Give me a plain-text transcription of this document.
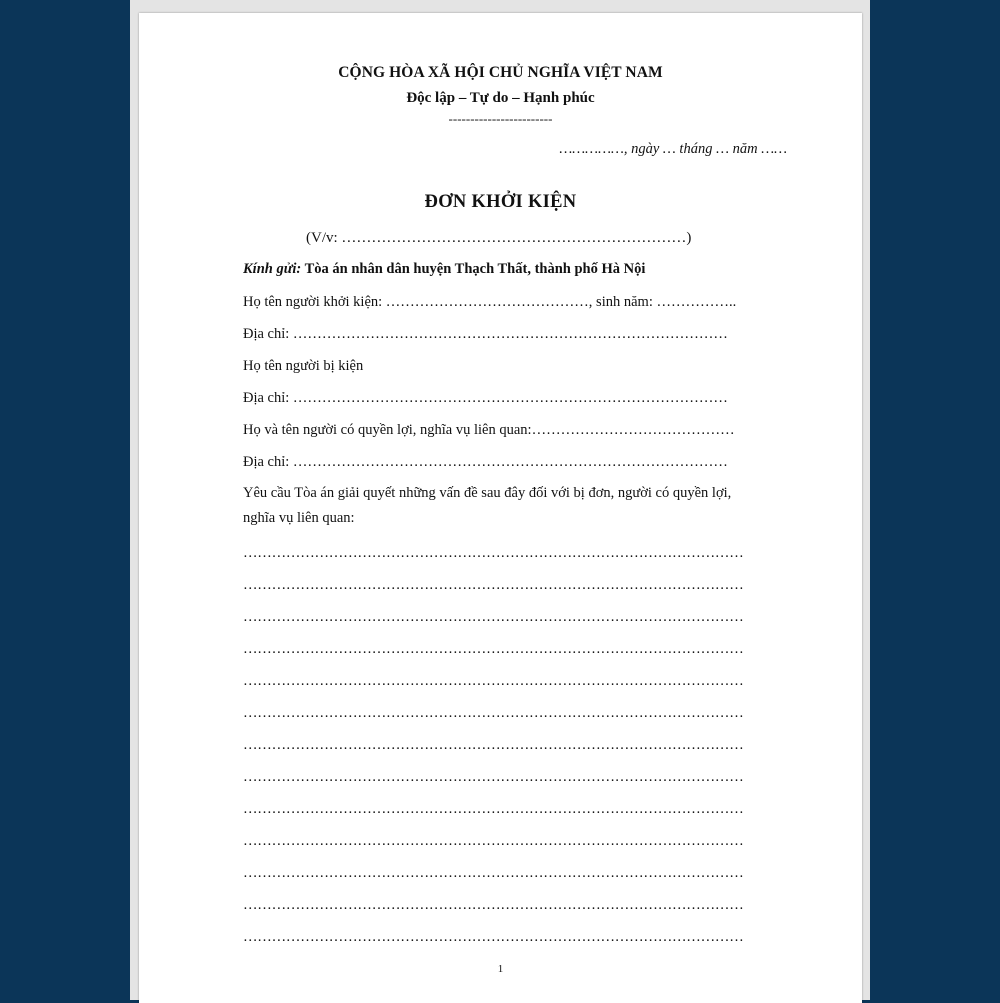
CỘNG HÒA XÃ HỘI CHỦ NGHĨA VIỆT NAM
Độc lập – Tự do – Hạnh phúc
------------------------
……………, ngày … tháng … năm ……
ĐƠN KHỞI KIỆN
(V/v: ……………………………………………………………)
Kính gửi: Tòa án nhân dân huyện Thạch Thất, thành phố Hà Nội
Họ tên người khởi kiện: ……………………………………, sinh năm: ……………..
Địa chỉ: ………………………………………………………………………………
Họ tên người bị kiện
Địa chỉ: ………………………………………………………………………………
Họ và tên người có quyền lợi, nghĩa vụ liên quan:……………………………………
Địa chỉ: ………………………………………………………………………………
Yêu cầu Tòa án giải quyết những vấn đề sau đây đối với bị đơn, người có quyền lợi,
nghĩa vụ liên quan:
……………………………………………………………………………………………
……………………………………………………………………………………………
……………………………………………………………………………………………
……………………………………………………………………………………………
……………………………………………………………………………………………
……………………………………………………………………………………………
……………………………………………………………………………………………
……………………………………………………………………………………………
……………………………………………………………………………………………
……………………………………………………………………………………………
……………………………………………………………………………………………
……………………………………………………………………………………………
……………………………………………………………………………………………
1
